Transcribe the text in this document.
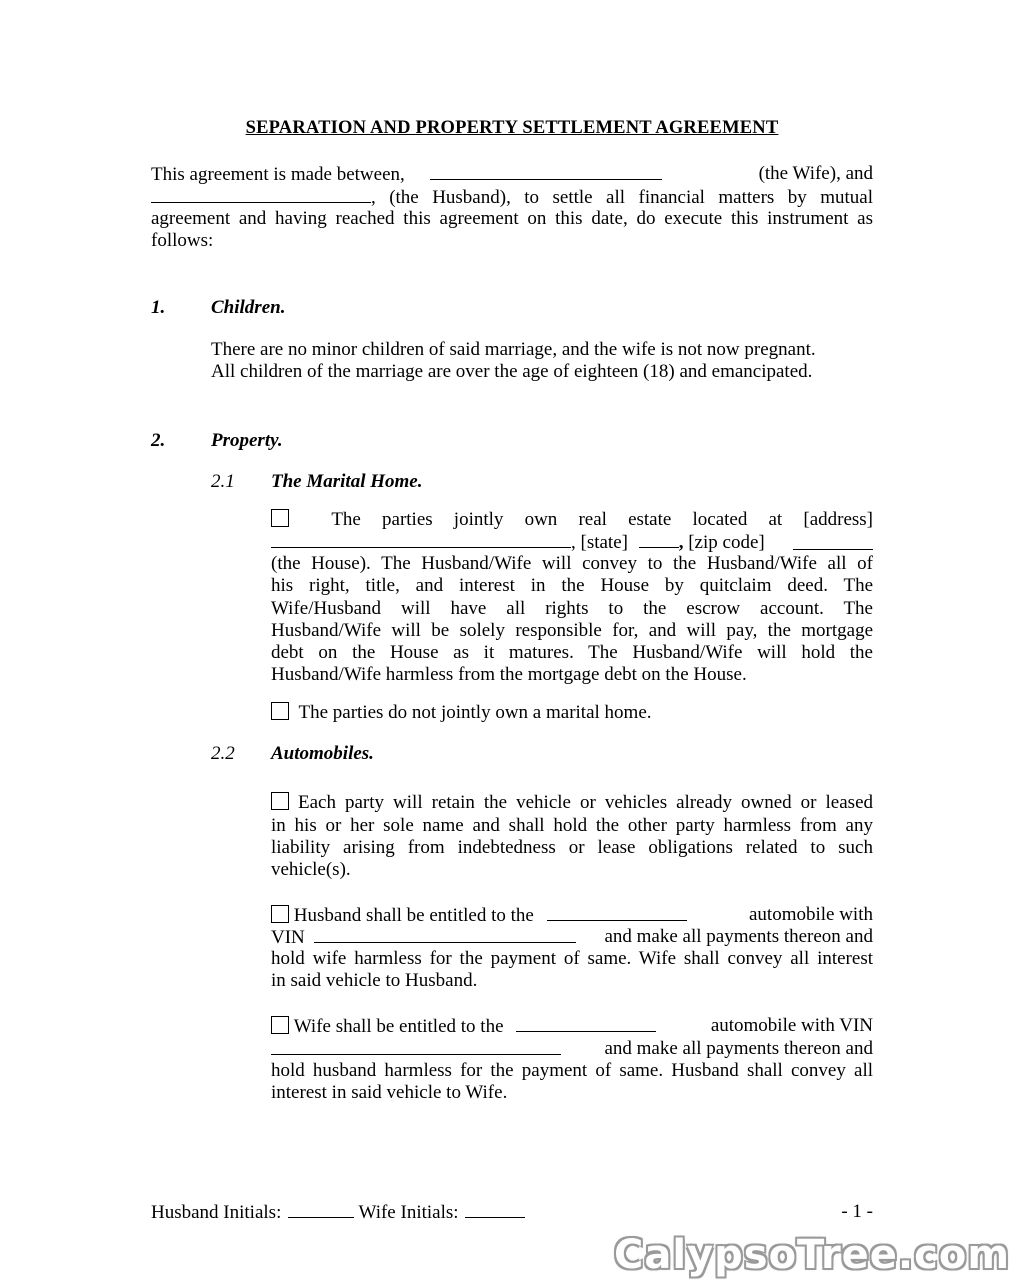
SEPARATION AND PROPERTY SETTLEMENT AGREEMENT
This agreement is made between,	(the Wife), and
, (the Husband), to settle all financial matters by mutual
agreement and having reached this agreement on this date, do execute this instrument as
follows:
1. Children.
There are no minor children of said marriage, and the wife is not now pregnant.
All children of the marriage are over the age of eighteen (18) and emancipated.
2. Property.
2.1 The Marital Home.
The parties jointly own real estate located at [address]
, [state]	, [zip code]
(the House). The Husband/Wife will convey to the Husband/Wife all of
his right, title, and interest in the House by quitclaim deed. The
Wife/Husband will have all rights to the escrow account. The
Husband/Wife will be solely responsible for, and will pay, the mortgage
debt on the House as it matures. The Husband/Wife will hold the
Husband/Wife harmless from the mortgage debt on the House.
The parties do not jointly own a marital home.
2.2 Automobiles.
Each party will retain the vehicle or vehicles already owned or leased
in his or her sole name and shall hold the other party harmless from any
liability arising from indebtedness or lease obligations related to such
vehicle(s).
Husband shall be entitled to the	automobile with
VIN	and make all payments thereon and
hold wife harmless for the payment of same. Wife shall convey all interest
in said vehicle to Husband.
Wife shall be entitled to the	automobile with VIN
and make all payments thereon and
hold husband harmless for the payment of same. Husband shall convey all
interest in said vehicle to Wife.
Husband Initials:	Wife Initials:	- 1 -
CalypsoTree.com
